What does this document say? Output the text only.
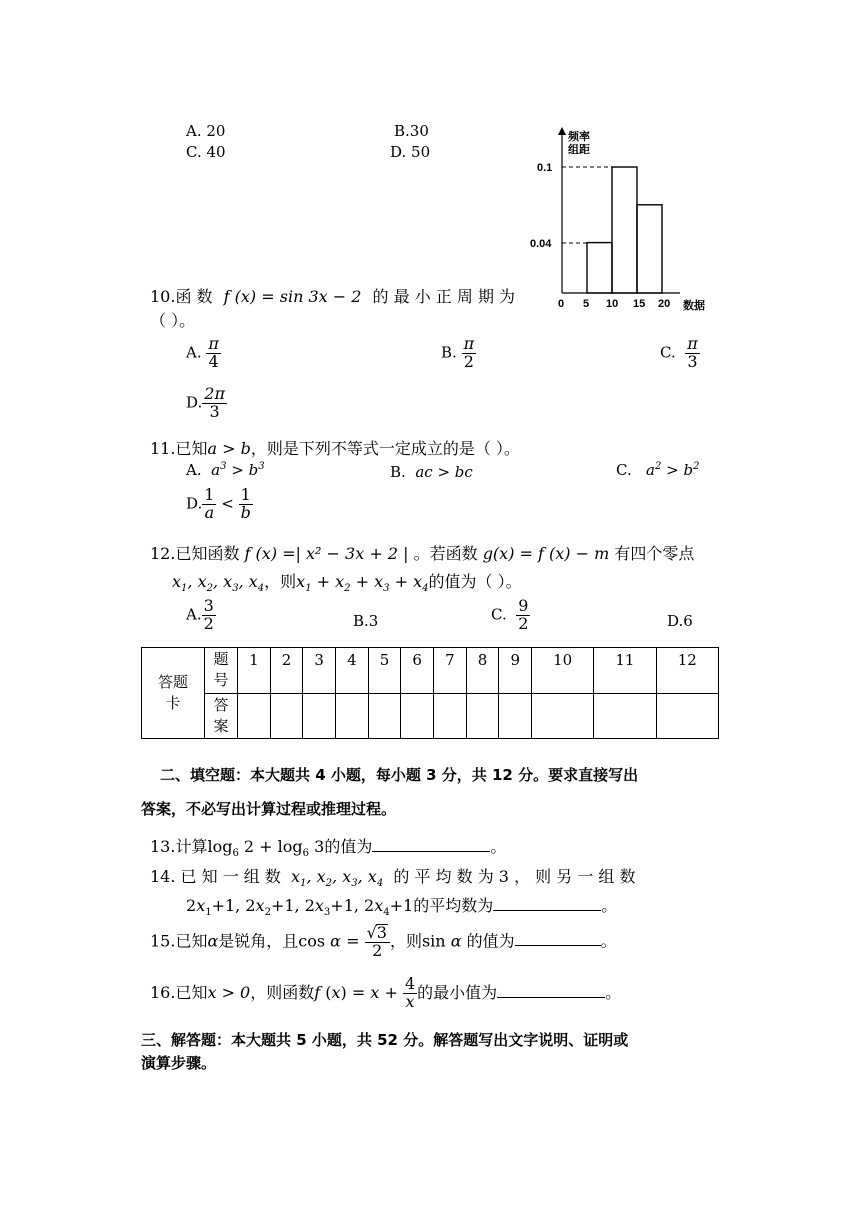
A. 20	B.30
C. 40	D. 50
频率
组距
数据
0.1
0.04
0 5 10 15 20
10.函 数 f (x) = sin 3x − 2 的 最 小 正 周 期 为
（ ）。
A. $\frac{\pi}{4}$	B. $\frac{\pi}{2}$	C. $\frac{\pi}{3}$
D. $\frac{2\pi}{3}$
11.已知a > b，则是下列不等式一定成立的是（ ）。
A. $a^3 > b^3$	B. ac > bc	C. $a^2 > b^2$
D. $\frac{1}{a} < \frac{1}{b}$
12.已知函数 f (x) =| x² − 3x + 2 | 。若函数 g(x) = f (x) − m 有四个零点
$x_1$, $x_2$, $x_3$, $x_4$，则$x_1 + x_2 + x_3 + x_4$的值为（ ）。
A. $\frac{3}{2}$	B.3	C. $\frac{9}{2}$	D.6
答题卡	题号	1	2	3	4	5	6	7	8	9	10	11	12
	答案												
二、填空题：本大题共 4 小题，每小题 3 分，共 12 分。要求直接写出
答案，不必写出计算过程或推理过程。
13.计算$\log_6 2 + \log_6 3$的值为	。
14. 已 知 一 组 数 $x_1$, $x_2$, $x_3$, $x_4$ 的 平 均 数 为 3 ， 则 另 一 组 数
$2x_1+1$, $2x_2+1$, $2x_3+1$, $2x_4+1$的平均数为	。
15.已知α是锐角，且$\cos \alpha = \frac{√3}{2}$ ，则sin α 的值为	。
16.已知x > 0，则函数f $(x) = x + \frac{4}{x}$ 的最小值为	。
三、解答题：本大题共 5 小题，共 52 分。解答题写出文字说明、证明或
演算步骤。
